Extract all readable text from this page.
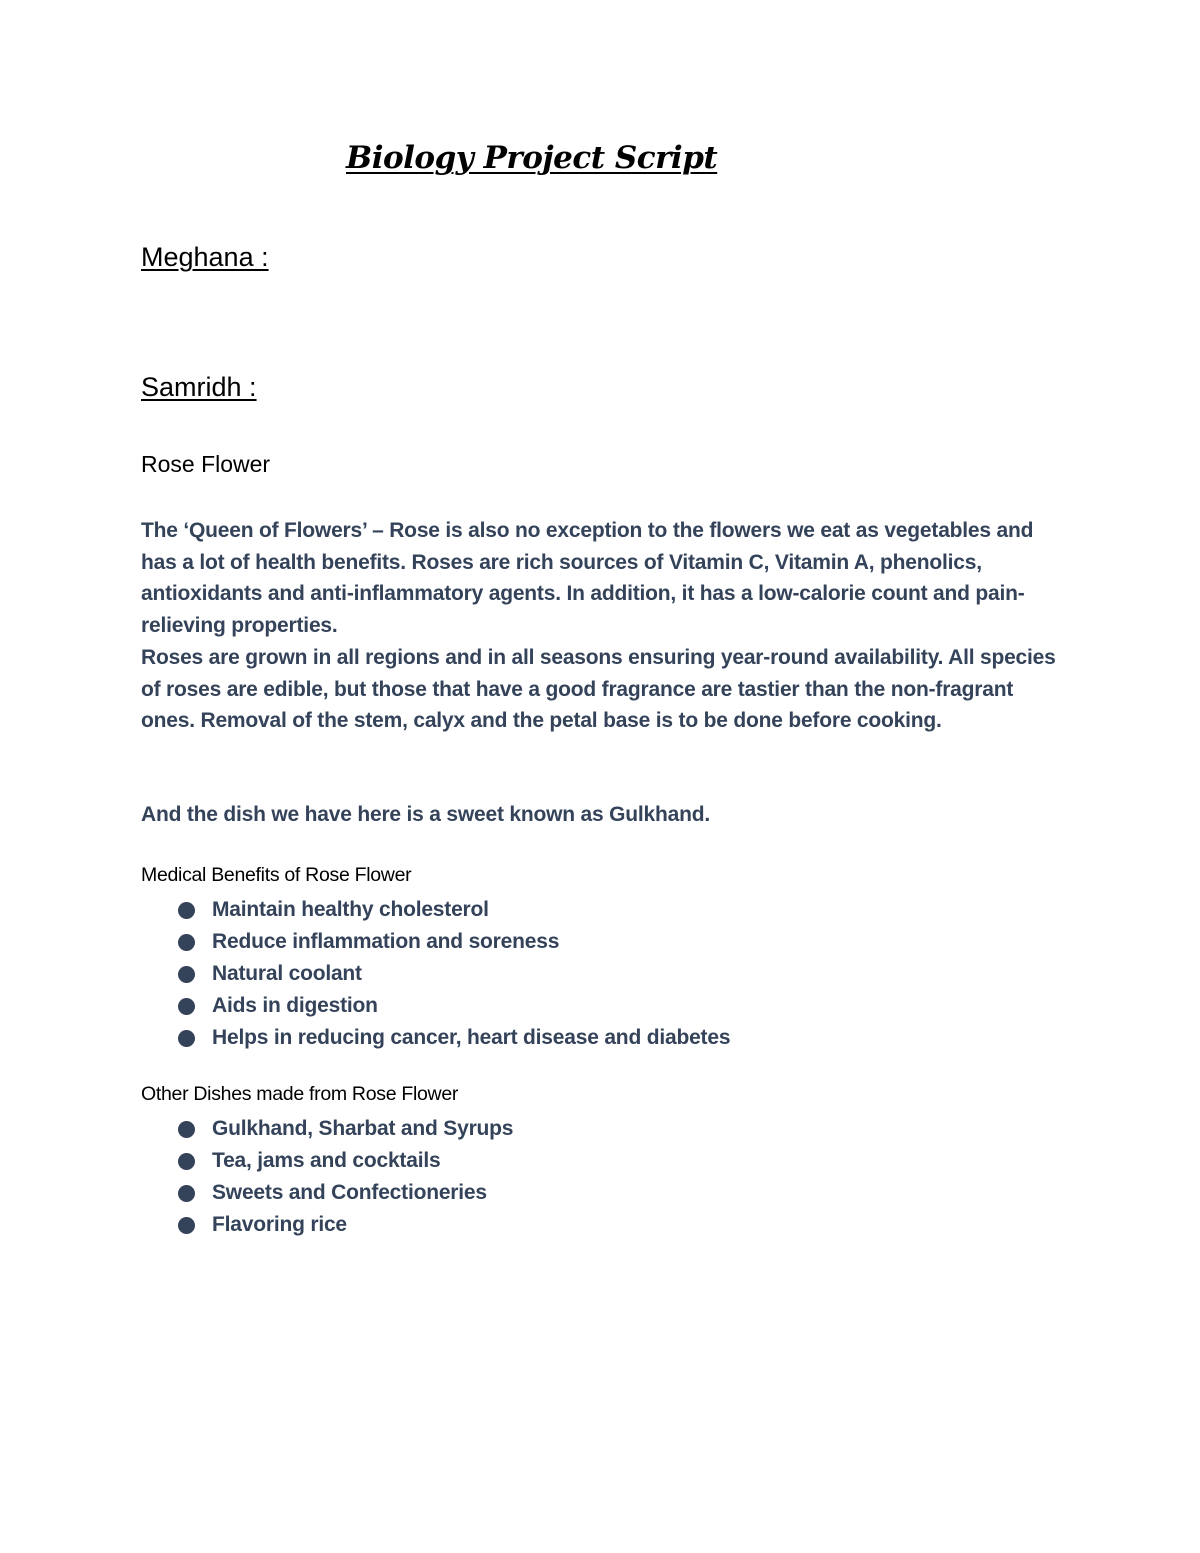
Biology Project Script
Meghana :
Samridh :
Rose Flower

The ‘Queen of Flowers’ – Rose is also no exception to the flowers we eat as vegetables and has a lot of health benefits. Roses are rich sources of Vitamin C, Vitamin A, phenolics, antioxidants and anti-inflammatory agents. In addition, it has a low-calorie count and pain-relieving properties.

Roses are grown in all regions and in all seasons ensuring year-round availability. All species of roses are edible, but those that have a good fragrance are tastier than the non-fragrant ones. Removal of the stem, calyx and the petal base is to be done before cooking.

And the dish we have here is a sweet known as Gulkhand.
Medical Benefits of Rose Flower
Maintain healthy cholesterol
Reduce inflammation and soreness
Natural coolant
Aids in digestion
Helps in reducing cancer, heart disease and diabetes
Other Dishes made from Rose Flower
Gulkhand, Sharbat and Syrups
Tea, jams and cocktails
Sweets and Confectioneries
Flavoring rice
